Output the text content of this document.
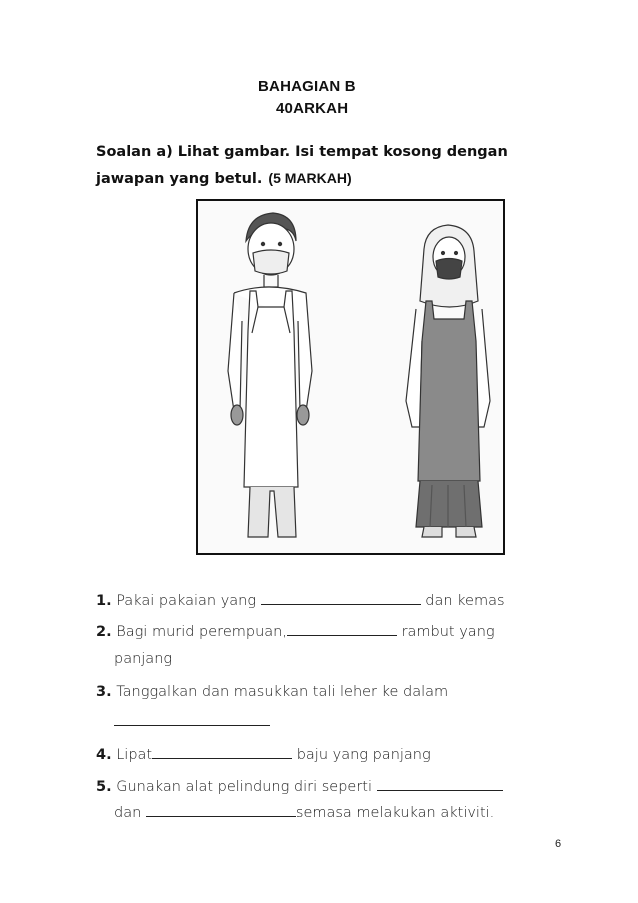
BAHAGIAN B
40ARKAH
Soalan a) Lihat gambar. Isi tempat kosong dengan
jawapan yang betul. (5 MARKAH)
1. Pakai pakaian yang	dan kemas
2. Bagi murid perempuan,	rambut yang
panjang
3. Tanggalkan dan masukkan tali leher ke dalam
4. Lipat	baju yang panjang
5. Gunakan alat pelindung diri seperti
dan	semasa melakukan aktiviti.
6
